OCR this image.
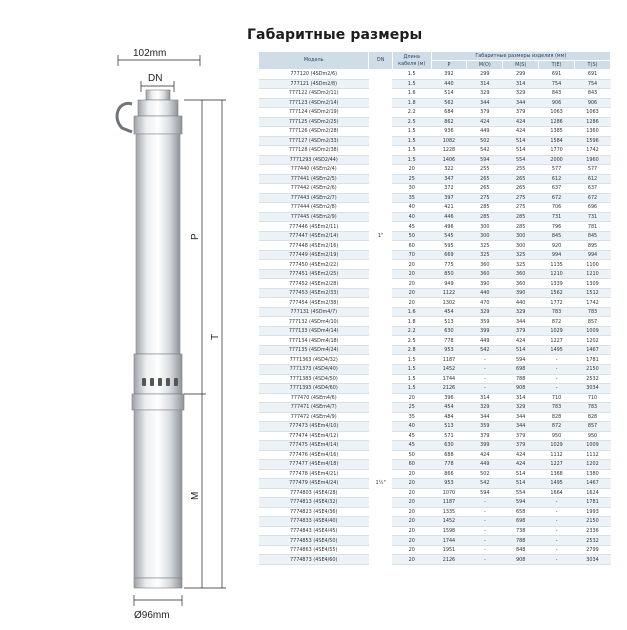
Габаритные размеры
102mm
DN
P
T
M
Ø96mm
Модель	DN	Длина кабеля (м)	Габаритные размеры изделия (мм)				
			P	M(O)	M(S)	T(E)	T(S)
777120 (4SDm2/6)	1"	1.5	392	299	299	691	691
777121 (4SDm2/8)		1.5	440	314	314	754	754
777122 (4SDm2/11)		1.6	514	329	329	843	843
777123 (4SDm2/14)		1.8	562	344	344	906	906
777124 (4SDm2/19)		2.2	684	379	379	1063	1063
777125 (4SDm2/25)		2.5	862	424	424	1286	1286
777126 (4SDm2/28)		1.5	936	449	424	1385	1360
777127 (4SDm2/33)		1.5	1082	502	514	1584	1596
777128 (4SDm2/38)		1.5	1228	542	514	1770	1742
7771293 (4SD2/44)		1.5	1406	594	554	2000	1960
777440 (4SEm2/4)		20	322	255	255	577	577
777441 (4SEm2/5)		25	347	265	265	612	612
777442 (4SEm2/6)		30	372	265	265	637	637
777443 (4SEm2/7)		35	397	275	275	672	672
777444 (4SEm2/8)		40	421	285	275	706	696
777445 (4SEm2/9)		40	446	285	285	731	731
777446 (4SEm2/11)		45	496	300	285	796	781
777447 (4SEm2/14)		50	545	300	300	845	845
777448 (4SEm2/16)		60	595	325	300	920	895
777449 (4SEm2/19)		70	669	325	325	994	994
777450 (4SEm2/22)		20	775	360	325	1135	1100
777451 (4SEm2/25)		20	850	360	360	1210	1210
777452 (4SEm2/28)		20	949	390	360	1339	1309
777453 (4SEm2/33)		20	1122	440	390	1562	1512
777454 (4SEm2/38)		20	1302	470	440	1772	1742
777131 (4SDm4/7)		1.6	454	329	329	783	783
777132 (4SDm4/10)		1.8	513	359	344	872	857
777133 (4SDm4/14)		2.2	630	399	379	1029	1009
777134 (4SDm4/18)		2.5	778	449	424	1227	1202
777135 (4SDm4/24)		2.8	953	542	514	1495	1467
7771363 (4SD4/32)		1.5	1187	-	594	-	1781
7771373 (4SD4/40)		1.5	1452	-	698	-	2150
7771383 (4SD4/50)		1.5	1744	-	788	-	2532
7771393 (4SD4/60)		1.5	2126	-	908	-	3034
777470 (4SEm4/6)		20	396	314	314	710	710
777471 (4SEm4/7)	1¼"	25	454	329	329	783	783
777472 (4SEm4/9)		35	484	344	344	828	828
777473 (4SEm4/10)		40	513	359	344	872	857
777474 (4SEm4/12)		45	571	379	379	950	950
777475 (4SEm4/14)		45	630	399	379	1029	1009
777476 (4SEm4/16)		50	688	424	424	1112	1112
777477 (4SEm4/18)		60	778	449	424	1227	1202
777478 (4SEm4/21)		20	866	502	514	1368	1380
777479 (4SEm4/24)		20	953	542	514	1495	1467
7774803 (4SE4/28)		20	1070	594	554	1664	1624
7774813 (4SE4/32)		20	1187	-	594	-	1781
7774823 (4SE4/36)		20	1335	-	658	-	1993
7774833 (4SE4/40)		20	1452	-	698	-	2150
7774843 (4SE4/45)		20	1598	-	738	-	2336
7774853 (4SE4/50)		20	1744	-	788	-	2532
7774863 (4SE4/55)		20	1951	-	848	-	2799
7774873 (4SE4/60)		20	2126	-	908	-	3034
